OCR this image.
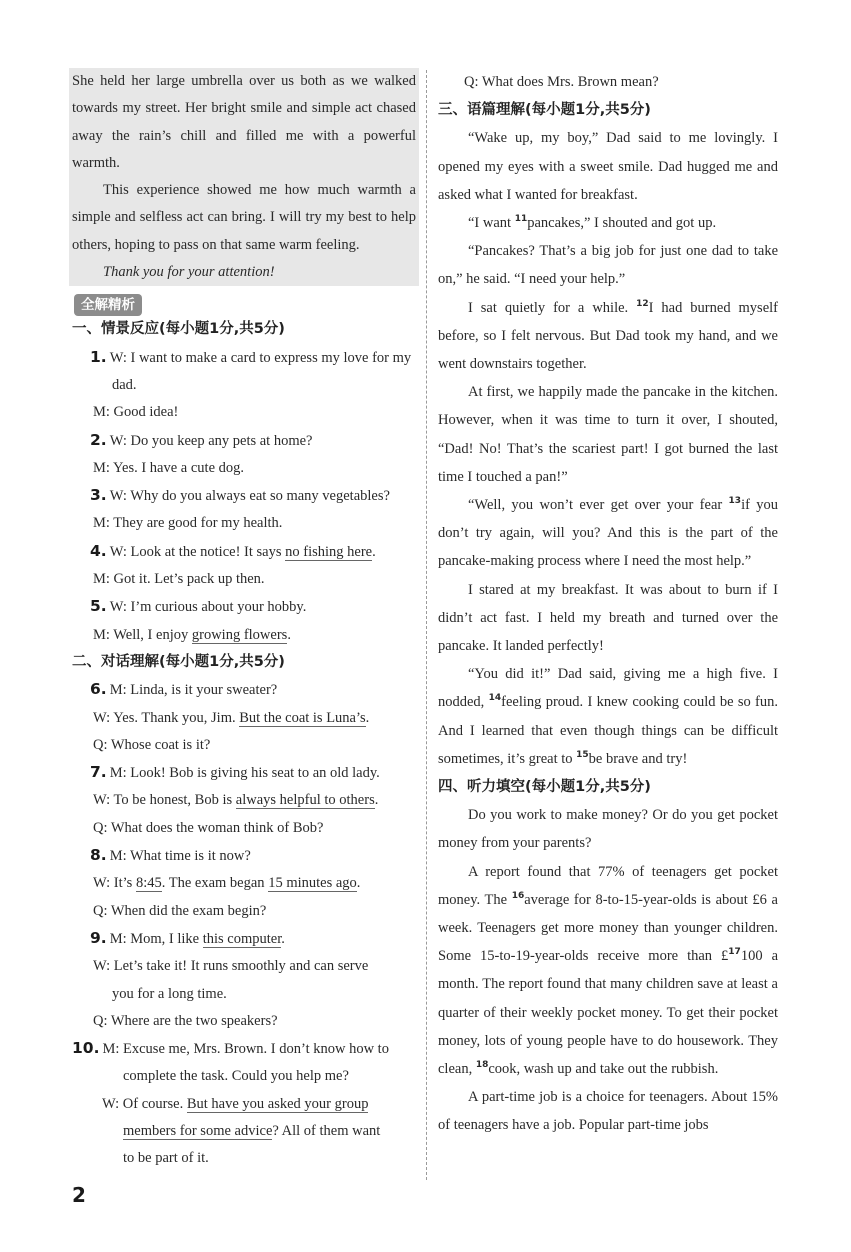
She held her large umbrella over us both as we walked towards my street. Her bright smile and simple act chased away the rain’s chill and filled me with a powerful warmth.

This experience showed me how much warmth a simple and selfless act can bring. I will try my best to help others, hoping to pass on that same warm feeling.

Thank you for your attention!

全解精析
一、情景反应(每小题1分,共5分)
1. W: I want to make a card to express my love for my
dad.
M: Good idea!
2. W: Do you keep any pets at home?
M: Yes. I have a cute dog.
3. W: Why do you always eat so many vegetables?
M: They are good for my health.
4. W: Look at the notice! It says no fishing here.
M: Got it. Let’s pack up then.
5. W: I’m curious about your hobby.
M: Well, I enjoy growing flowers.
二、对话理解(每小题1分,共5分)
6. M: Linda, is it your sweater?
W: Yes. Thank you, Jim. But the coat is Luna’s.
Q: Whose coat is it?
7. M: Look! Bob is giving his seat to an old lady.
W: To be honest, Bob is always helpful to others.
Q: What does the woman think of Bob?
8. M: What time is it now?
W: It’s 8:45. The exam began 15 minutes ago.
Q: When did the exam begin?
9. M: Mom, I like this computer.
W: Let’s take it! It runs smoothly and can serve
you for a long time.
Q: Where are the two speakers?
10. M: Excuse me, Mrs. Brown. I don’t know how to
complete the task. Could you help me?
W: Of course. But have you asked your group
members for some advice? All of them want
to be part of it.

Q: What does Mrs. Brown mean?

三、语篇理解(每小题1分,共5分)

“Wake up, my boy,” Dad said to me lovingly. I opened my eyes with a sweet smile. Dad hugged me and asked what I wanted for breakfast.

“I want $^{11}$pancakes,” I shouted and got up.

“Pancakes? That’s a big job for just one dad to take on,” he said. “I need your help.”

I sat quietly for a while. $^{12}$I had burned myself before, so I felt nervous. But Dad took my hand, and we went downstairs together.

At first, we happily made the pancake in the kitchen. However, when it was time to turn it over, I shouted, “Dad! No! That’s the scariest part! I got burned the last time I touched a pan!”

“Well, you won’t ever get over your fear $^{13}$if you don’t try again, will you? And this is the part of the pancake-making process where I need the most help.”

I stared at my breakfast. It was about to burn if I didn’t act fast. I held my breath and turned over the pancake. It landed perfectly!

“You did it!” Dad said, giving me a high five. I nodded, $^{14}$feeling proud. I knew cooking could be so fun. And I learned that even though things can be difficult sometimes, it’s great to $^{15}$be brave and try!

四、听力填空(每小题1分,共5分)

Do you work to make money? Or do you get pocket money from your parents?

A report found that 77% of teenagers get pocket money. The $^{16}$average for 8-to-15-year-olds is about £6 a week. Teenagers get more money than younger children. Some 15-to-19-year-olds receive more than £$^{17}$100 a month. The report found that many children save at least a quarter of their weekly pocket money. To get their pocket money, lots of young people have to do housework. They clean, $^{18}$cook, wash up and take out the rubbish.

A part-time job is a choice for teenagers. About 15% of teenagers have a job. Popular part-time jobs

2
